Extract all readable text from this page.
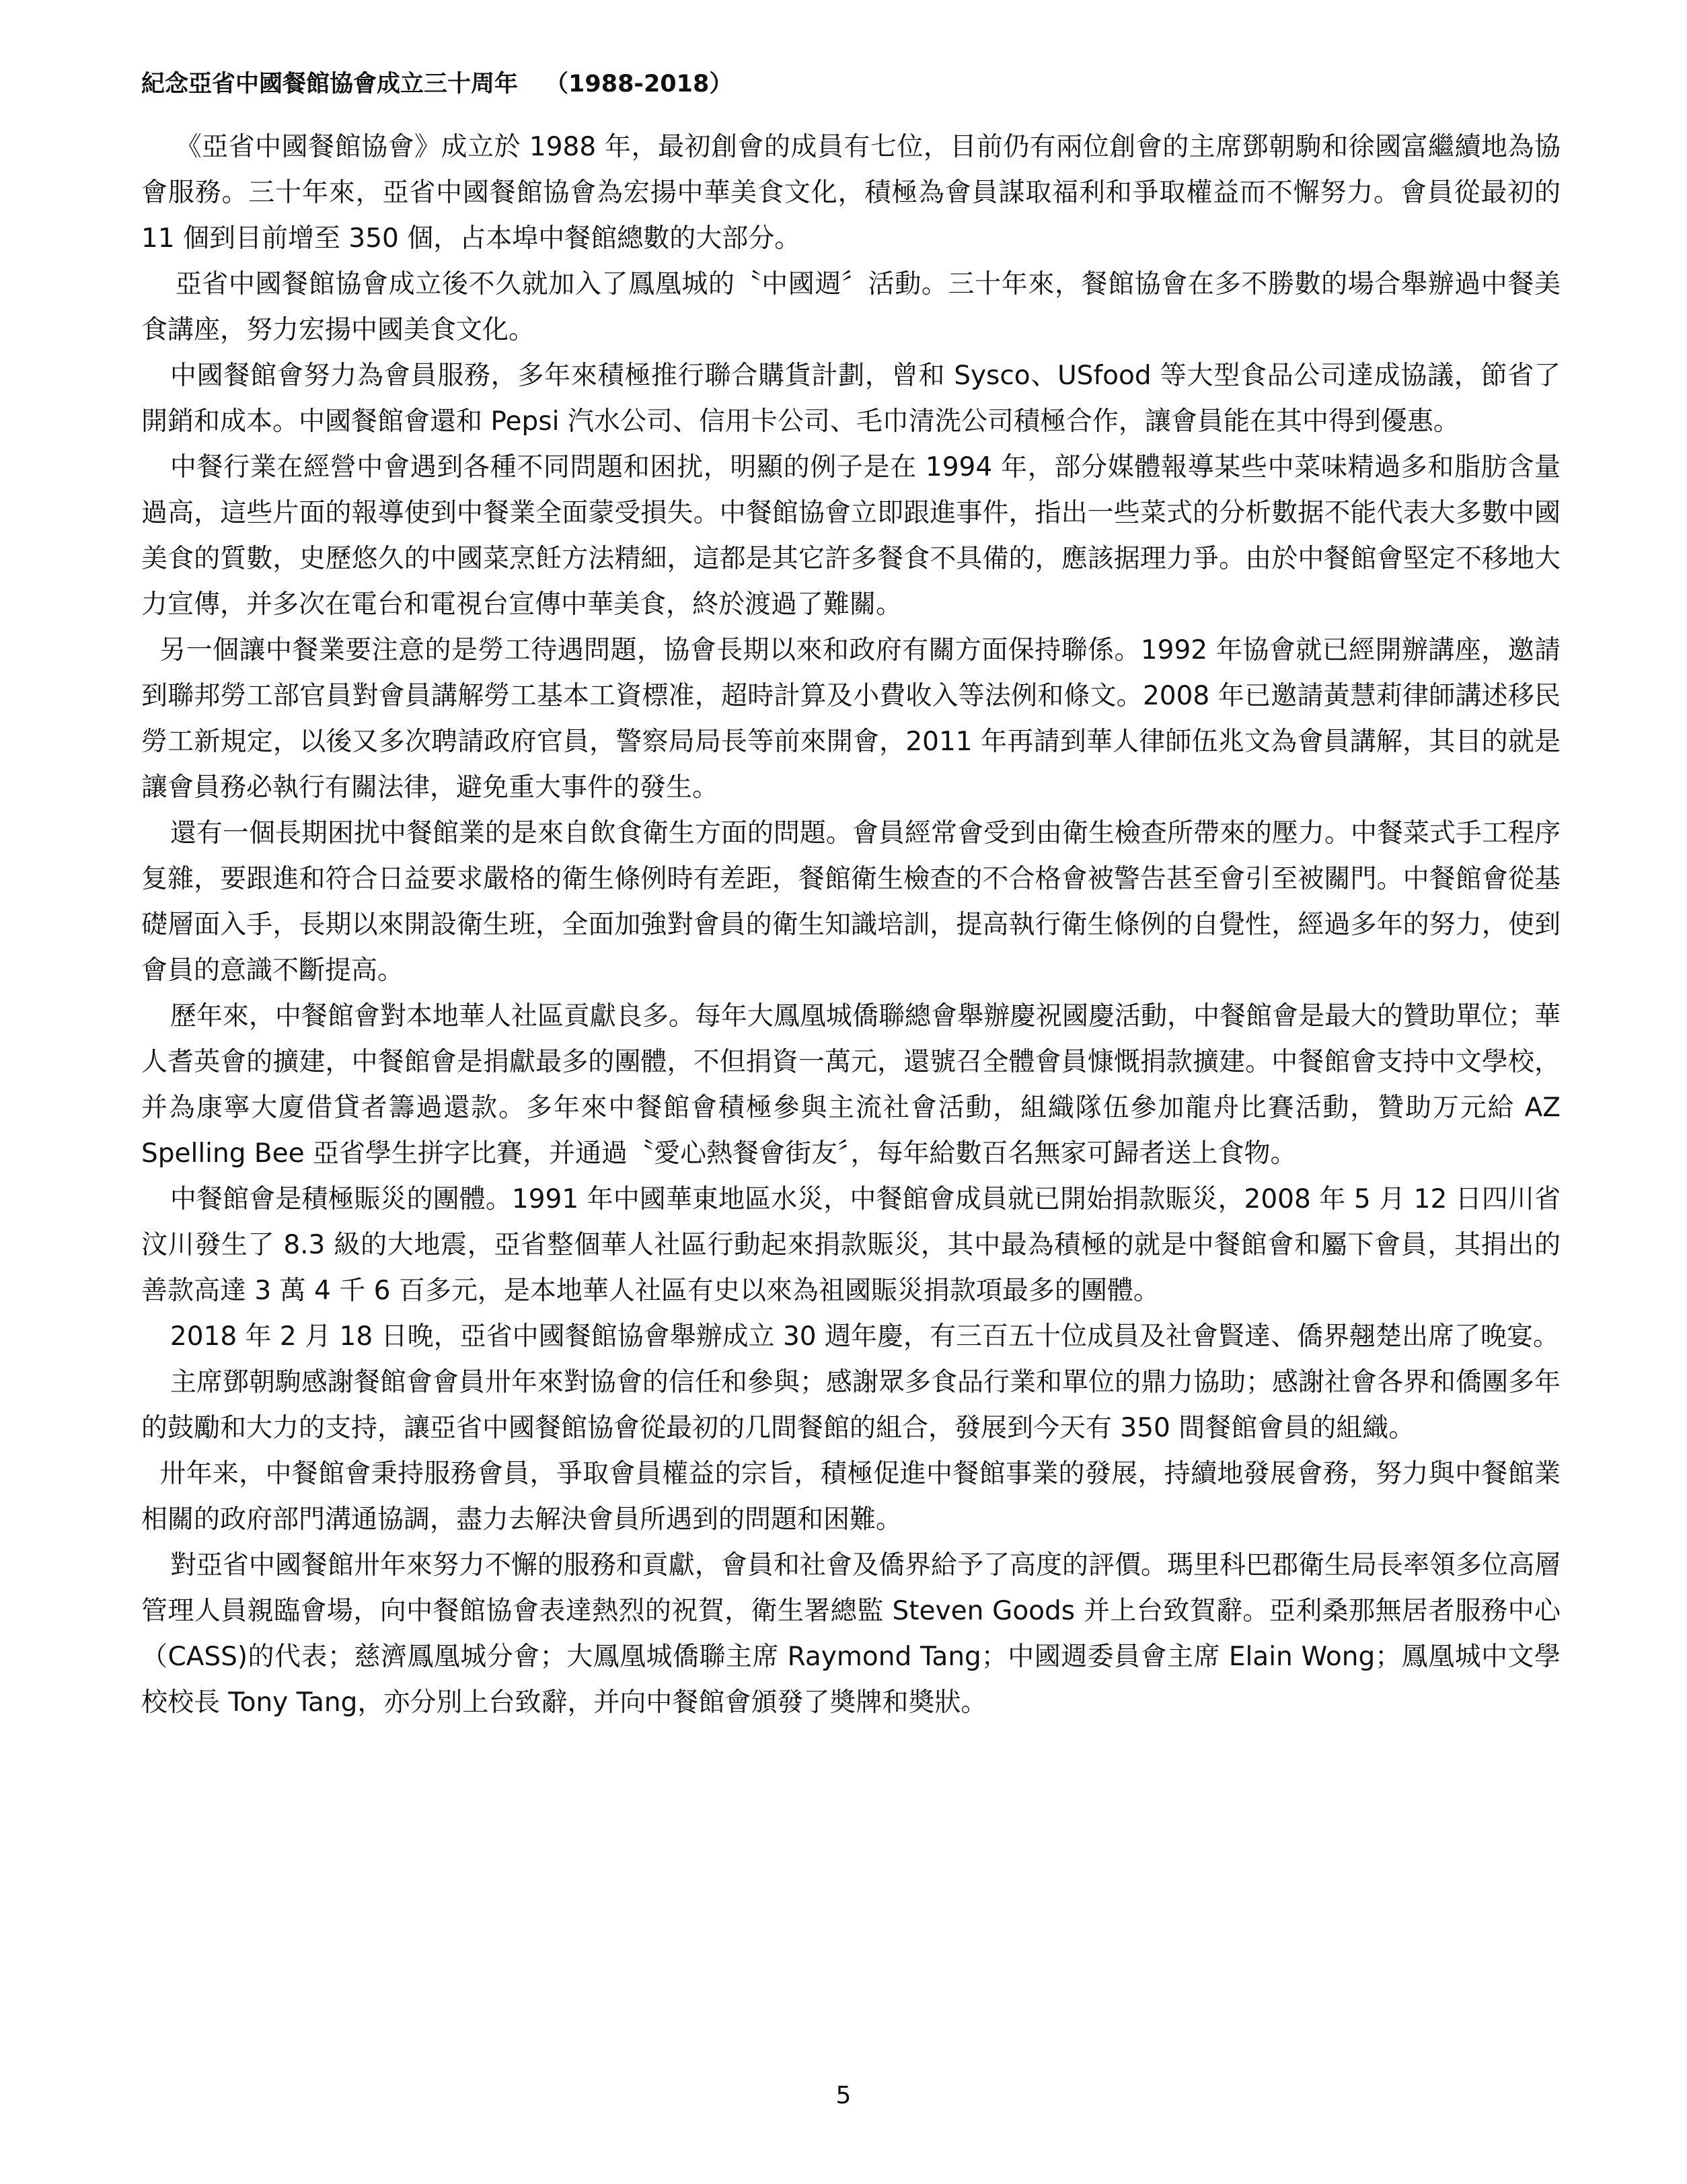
紀念亞省中國餐館協會成立三十周年 （1988-2018）

《亞省中國餐館協會》成立於 1988 年，最初創會的成員有七位，目前仍有兩位創會的主席鄧朝駒和徐國富繼續地為協會服務。三十年來，亞省中國餐館協會為宏揚中華美食文化，積極為會員謀取福利和爭取權益而不懈努力。會員從最初的 11 個到目前增至 350 個，占本埠中餐館總數的大部分。

亞省中國餐館協會成立後不久就加入了鳳凰城的〝中國週〞活動。三十年來，餐館協會在多不勝數的場合舉辦過中餐美食講座，努力宏揚中國美食文化。

中國餐館會努力為會員服務，多年來積極推行聯合購貨計劃，曾和 Sysco、USfood 等大型食品公司達成協議，節省了開銷和成本。中國餐館會還和 Pepsi 汽水公司、信用卡公司、毛巾清洗公司積極合作，讓會員能在其中得到優惠。

中餐行業在經營中會遇到各種不同問題和困扰，明顯的例子是在 1994 年，部分媒體報導某些中菜味精過多和脂肪含量過高，這些片面的報導使到中餐業全面蒙受損失。中餐館協會立即跟進事件，指出一些菜式的分析數据不能代表大多數中國美食的質數，史歷悠久的中國菜烹飪方法精細，這都是其它許多餐食不具備的，應該据理力爭。由於中餐館會堅定不移地大力宣傳，并多次在電台和電視台宣傳中華美食，終於渡過了難關。

另一個讓中餐業要注意的是勞工待遇問題，協會長期以來和政府有關方面保持聯係。1992 年協會就已經開辦講座，邀請到聯邦勞工部官員對會員講解勞工基本工資標准，超時計算及小費收入等法例和條文。2008 年已邀請黃慧莉律師講述移民勞工新規定，以後又多次聘請政府官員，警察局局長等前來開會，2011 年再請到華人律師伍兆文為會員講解，其目的就是讓會員務必執行有關法律，避免重大事件的發生。

還有一個長期困扰中餐館業的是來自飲食衛生方面的問題。會員經常會受到由衛生檢查所帶來的壓力。中餐菜式手工程序复雜，要跟進和符合日益要求嚴格的衛生條例時有差距，餐館衛生檢查的不合格會被警告甚至會引至被關門。中餐館會從基礎層面入手，長期以來開設衛生班，全面加強對會員的衛生知識培訓，提高執行衛生條例的自覺性，經過多年的努力，使到會員的意識不斷提高。

歷年來，中餐館會對本地華人社區貢獻良多。每年大鳳凰城僑聯總會舉辦慶祝國慶活動，中餐館會是最大的贊助單位；華人耆英會的擴建，中餐館會是捐獻最多的團體，不但捐資一萬元，還號召全體會員慷慨捐款擴建。中餐館會支持中文學校，并為康寧大廈借貸者籌過還款。多年來中餐館會積極參與主流社會活動，組織隊伍參加龍舟比賽活動，贊助万元給 AZ Spelling Bee 亞省學生拼字比賽，并通過〝愛心熱餐會街友〞，每年給數百名無家可歸者送上食物。

中餐館會是積極賑災的團體。1991 年中國華東地區水災，中餐館會成員就已開始捐款賑災，2008 年 5 月 12 日四川省汶川發生了 8.3 級的大地震，亞省整個華人社區行動起來捐款賑災，其中最為積極的就是中餐館會和屬下會員，其捐出的善款高達 3 萬 4 千 6 百多元，是本地華人社區有史以來為祖國賑災捐款項最多的團體。

2018 年 2 月 18 日晚，亞省中國餐館協會舉辦成立 30 週年慶，有三百五十位成員及社會賢達、僑界翹楚出席了晚宴。

主席鄧朝駒感謝餐館會會員卅年來對協會的信任和參與；感謝眾多食品行業和單位的鼎力協助；感謝社會各界和僑團多年的鼓勵和大力的支持，讓亞省中國餐館協會從最初的几間餐館的組合，發展到今天有 350 間餐館會員的組織。

卅年来，中餐館會秉持服務會員，爭取會員權益的宗旨，積極促進中餐館事業的發展，持續地發展會務，努力與中餐館業相關的政府部門溝通協調，盡力去解決會員所遇到的問題和困難。

對亞省中國餐館卅年來努力不懈的服務和貢獻，會員和社會及僑界給予了高度的評價。瑪里科巴郡衛生局長率領多位高層管理人員親臨會場，向中餐館協會表達熱烈的祝賀，衛生署總監 Steven Goods 并上台致賀辭。亞利桑那無居者服務中心（CASS)的代表；慈濟鳳凰城分會；大鳳凰城僑聯主席 Raymond Tang；中國週委員會主席 Elain Wong；鳳凰城中文學校校長 Tony Tang，亦分別上台致辭，并向中餐館會頒發了奬牌和奬狀。

5
